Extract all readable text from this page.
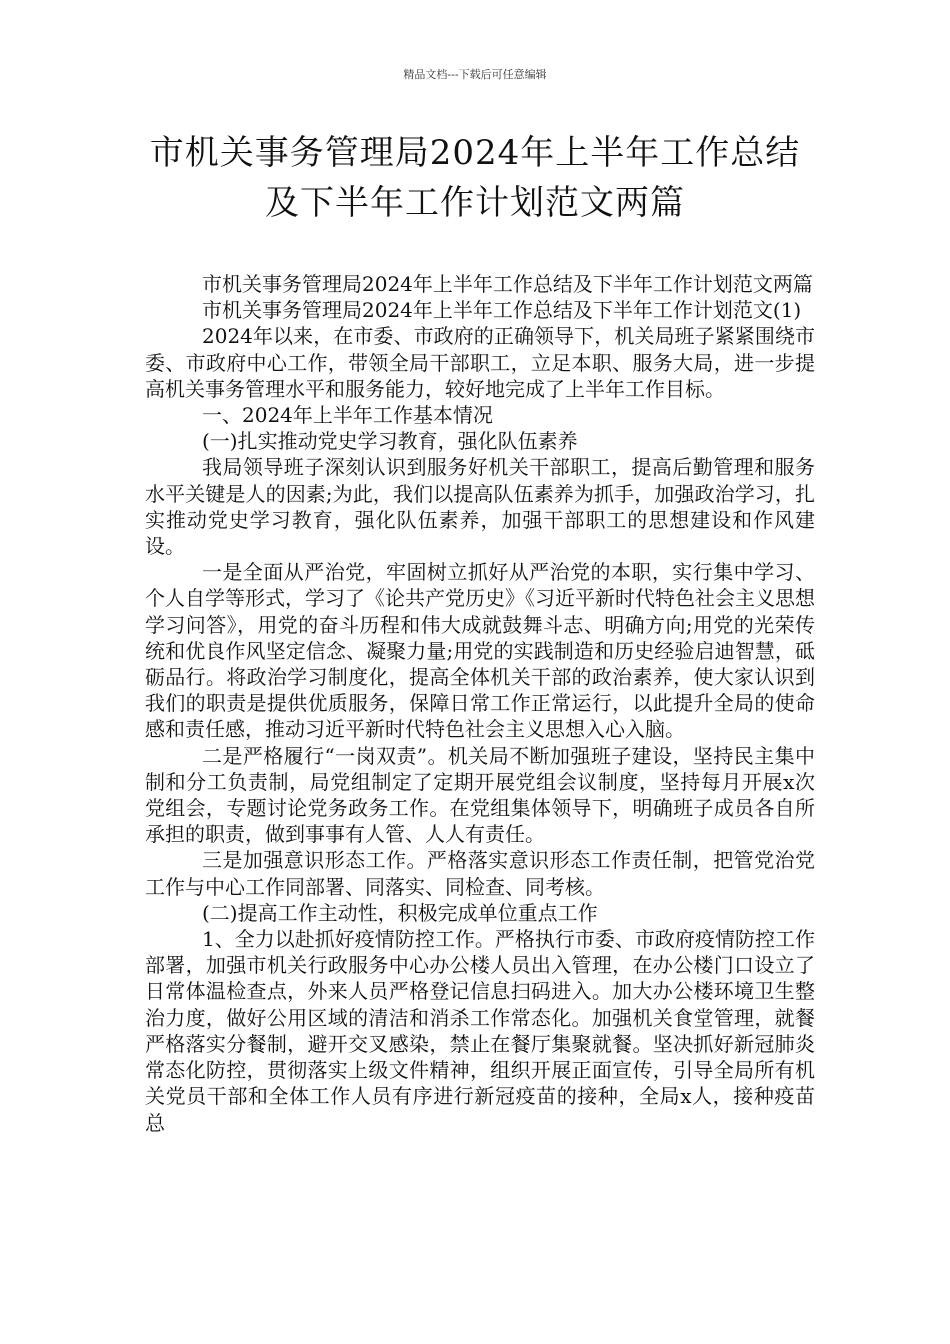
精品文档---下载后可任意编辑
市机关事务管理局2024年上半年工作总结
及下半年工作计划范文两篇

市机关事务管理局2024年上半年工作总结及下半年工作计划范文两篇

市机关事务管理局2024年上半年工作总结及下半年工作计划范文(1)

2024年以来，在市委、市政府的正确领导下，机关局班子紧紧围绕市委、市政府中心工作，带领全局干部职工，立足本职、服务大局，进一步提高机关事务管理水平和服务能力，较好地完成了上半年工作目标。

一、2024年上半年工作基本情况

(一)扎实推动党史学习教育，强化队伍素养

我局领导班子深刻认识到服务好机关干部职工，提高后勤管理和服务水平关键是人的因素;为此，我们以提高队伍素养为抓手，加强政治学习，扎实推动党史学习教育，强化队伍素养，加强干部职工的思想建设和作风建设。

一是全面从严治党，牢固树立抓好从严治党的本职，实行集中学习、个人自学等形式，学习了《论共产党历史》《习近平新时代特色社会主义思想学习问答》，用党的奋斗历程和伟大成就鼓舞斗志、明确方向;用党的光荣传统和优良作风坚定信念、凝聚力量;用党的实践制造和历史经验启迪智慧，砥砺品行。将政治学习制度化，提高全体机关干部的政治素养，使大家认识到我们的职责是提供优质服务，保障日常工作正常运行，以此提升全局的使命感和责任感，推动习近平新时代特色社会主义思想入心入脑。

二是严格履行“一岗双责”。机关局不断加强班子建设，坚持民主集中制和分工负责制，局党组制定了定期开展党组会议制度，坚持每月开展x次党组会，专题讨论党务政务工作。在党组集体领导下，明确班子成员各自所承担的职责，做到事事有人管、人人有责任。

三是加强意识形态工作。严格落实意识形态工作责任制，把管党治党工作与中心工作同部署、同落实、同检查、同考核。

(二)提高工作主动性，积极完成单位重点工作

1、全力以赴抓好疫情防控工作。严格执行市委、市政府疫情防控工作部署，加强市机关行政服务中心办公楼人员出入管理，在办公楼门口设立了日常体温检查点，外来人员严格登记信息扫码进入。加大办公楼环境卫生整治力度，做好公用区域的清洁和消杀工作常态化。加强机关食堂管理，就餐严格落实分餐制，避开交叉感染，禁止在餐厅集聚就餐。坚决抓好新冠肺炎常态化防控，贯彻落实上级文件精神，组织开展正面宣传，引导全局所有机关党员干部和全体工作人员有序进行新冠疫苗的接种，全局x人，接种疫苗总
